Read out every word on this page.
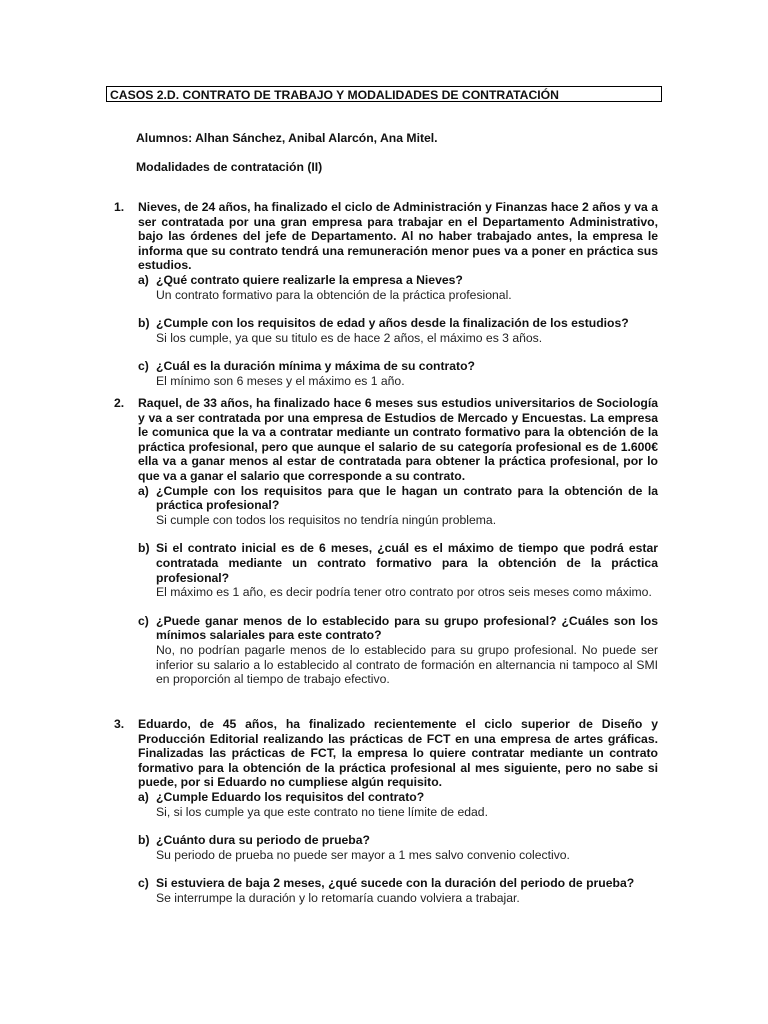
CASOS 2.D. CONTRATO DE TRABAJO Y MODALIDADES DE CONTRATACIÓN
Alumnos: Alhan Sánchez, Anibal Alarcón, Ana Mitel.
Modalidades de contratación (II)
1. Nieves, de 24 años, ha finalizado el ciclo de Administración y Finanzas hace 2 años y va a ser contratada por una gran empresa para trabajar en el Departamento Administrativo, bajo las órdenes del jefe de Departamento. Al no haber trabajado antes, la empresa le informa que su contrato tendrá una remuneración menor pues va a poner en práctica sus estudios.
a) ¿Qué contrato quiere realizarle la empresa a Nieves?
Un contrato formativo para la obtención de la práctica profesional.
b) ¿Cumple con los requisitos de edad y años desde la finalización de los estudios?
Si los cumple, ya que su titulo es de hace 2 años, el máximo es 3 años.
c) ¿Cuál es la duración mínima y máxima de su contrato?
El mínimo son 6 meses y el máximo es 1 año.
2. Raquel, de 33 años, ha finalizado hace 6 meses sus estudios universitarios de Sociología y va a ser contratada por una empresa de Estudios de Mercado y Encuestas. La empresa le comunica que la va a contratar mediante un contrato formativo para la obtención de la práctica profesional, pero que aunque el salario de su categoría profesional es de 1.600€ ella va a ganar menos al estar de contratada para obtener la práctica profesional, por lo que va a ganar el salario que corresponde a su contrato.
a) ¿Cumple con los requisitos para que le hagan un contrato para la obtención de la práctica profesional?
Si cumple con todos los requisitos no tendría ningún problema.
b) Si el contrato inicial es de 6 meses, ¿cuál es el máximo de tiempo que podrá estar contratada mediante un contrato formativo para la obtención de la práctica profesional?
El máximo es 1 año, es decir podría tener otro contrato por otros seis meses como máximo.
c) ¿Puede ganar menos de lo establecido para su grupo profesional? ¿Cuáles son los mínimos salariales para este contrato?
No, no podrían pagarle menos de lo establecido para su grupo profesional. No puede ser inferior su salario a lo establecido al contrato de formación en alternancia ni tampoco al SMI en proporción al tiempo de trabajo efectivo.
3. Eduardo, de 45 años, ha finalizado recientemente el ciclo superior de Diseño y Producción Editorial realizando las prácticas de FCT en una empresa de artes gráficas. Finalizadas las prácticas de FCT, la empresa lo quiere contratar mediante un contrato formativo para la obtención de la práctica profesional al mes siguiente, pero no sabe si puede, por si Eduardo no cumpliese algún requisito.
a) ¿Cumple Eduardo los requisitos del contrato?
Si, si los cumple ya que este contrato no tiene límite de edad.
b) ¿Cuánto dura su periodo de prueba?
Su periodo de prueba no puede ser mayor a 1 mes salvo convenio colectivo.
c) Si estuviera de baja 2 meses, ¿qué sucede con la duración del periodo de prueba?
Se interrumpe la duración y lo retomaría cuando volviera a trabajar.
